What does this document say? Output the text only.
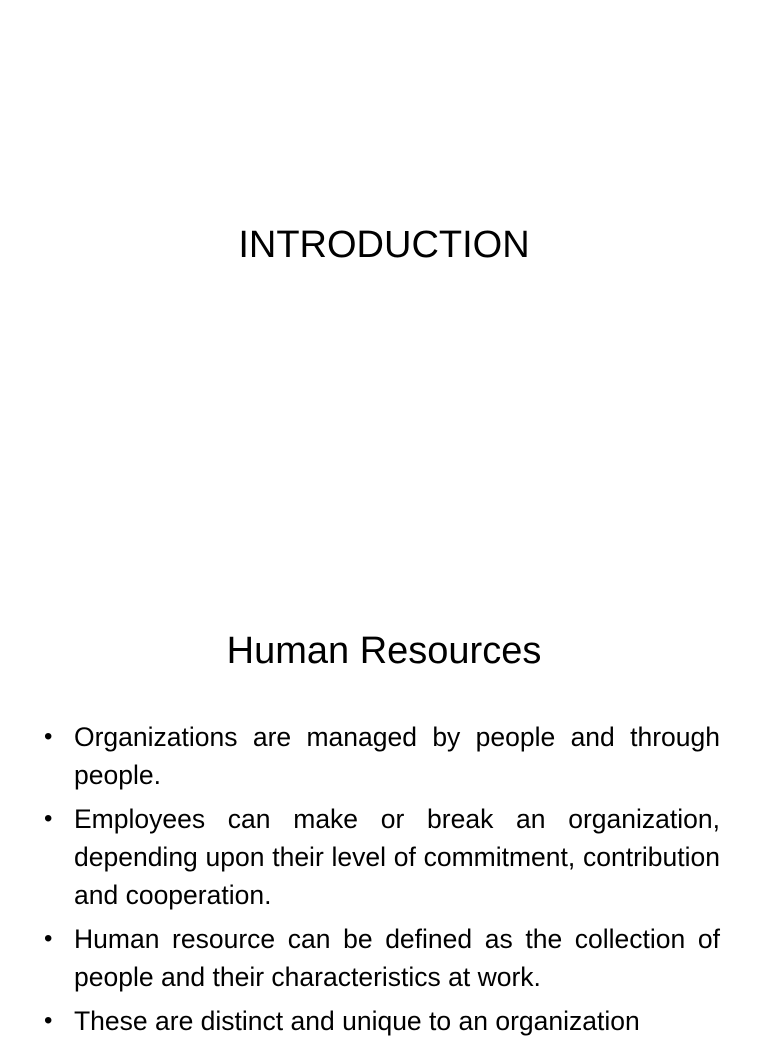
INTRODUCTION
Human Resources
• Organizations are managed by people and through people.
• Employees can make or break an organization, depending upon their level of commitment, contribution and cooperation.
• Human resource can be defined as the collection of people and their characteristics at work.
• These are distinct and unique to an organization
